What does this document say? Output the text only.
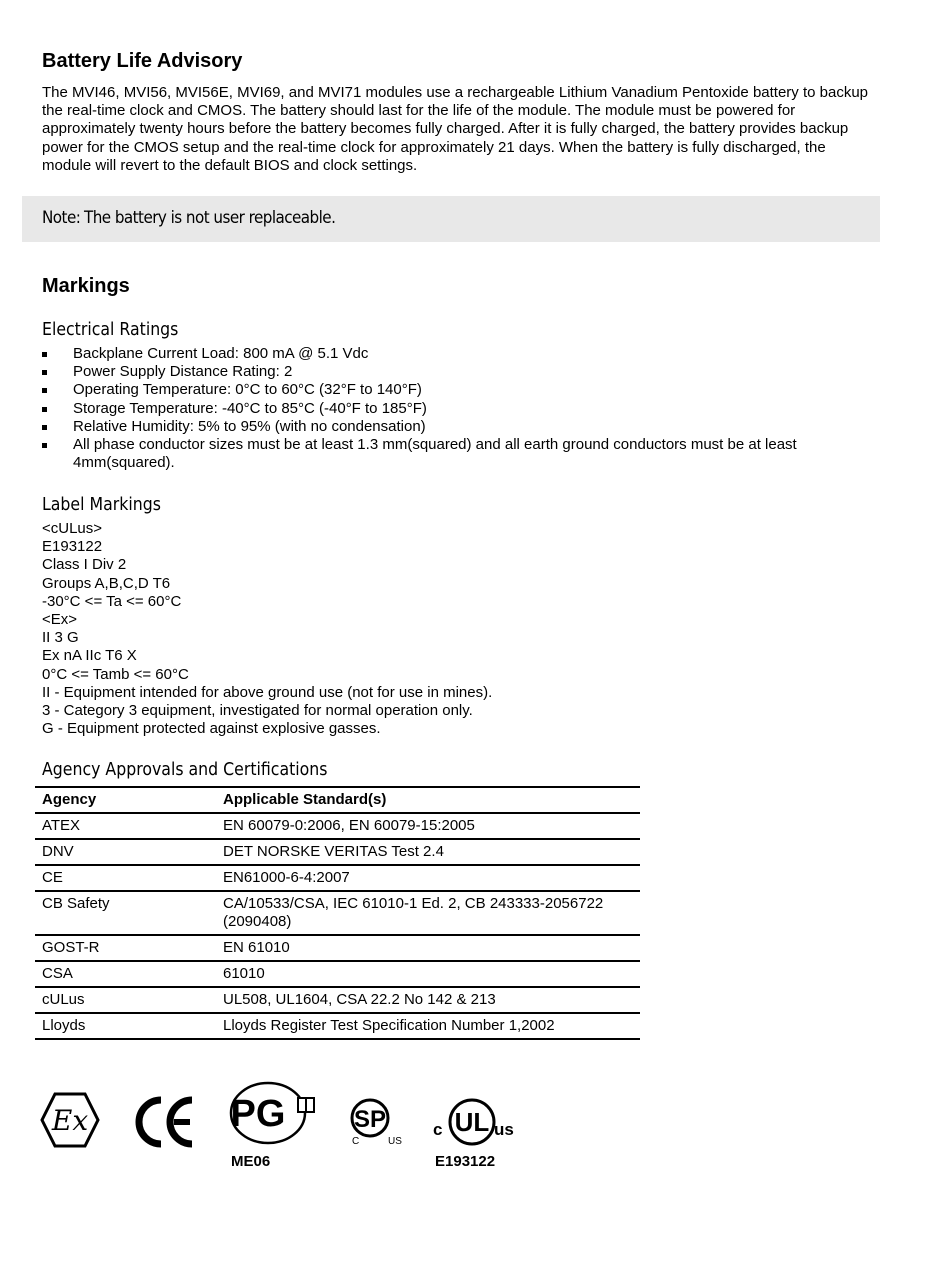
Battery Life Advisory

The MVI46, MVI56, MVI56E, MVI69, and MVI71 modules use a rechargeable Lithium Vanadium Pentoxide battery to backup the real-time clock and CMOS. The battery should last for the life of the module. The module must be powered for approximately twenty hours before the battery becomes fully charged. After it is fully charged, the battery provides backup power for the CMOS setup and the real-time clock for approximately 21 days. When the battery is fully discharged, the module will revert to the default BIOS and clock settings.

Note: The battery is not user replaceable.
Markings
Electrical Ratings
Backplane Current Load: 800 mA @ 5.1 Vdc
Power Supply Distance Rating: 2
Operating Temperature: 0°C to 60°C (32°F to 140°F)
Storage Temperature: -40°C to 85°C (-40°F to 185°F)
Relative Humidity: 5% to 95% (with no condensation)
All phase conductor sizes must be at least 1.3 mm(squared) and all earth ground conductors must be at least 4mm(squared).
Label Markings
<cULus>
E193122
Class I Div 2
Groups A,B,C,D T6
-30°C <= Ta <= 60°C
<Ex>
II 3 G
Ex nA IIc T6 X
0°C <= Tamb <= 60°C
II - Equipment intended for above ground use (not for use in mines).
3 - Category 3 equipment, investigated for normal operation only.
G - Equipment protected against explosive gasses.
Agency Approvals and Certifications
Agency	Applicable Standard(s)
ATEX	EN 60079-0:2006, EN 60079-15:2005
DNV	DET NORSKE VERITAS Test 2.4
CE	EN61000-6-4:2007
CB Safety	CA/10533/CSA, IEC 61010-1 Ed. 2, CB 243333-2056722 (2090408)
GOST-R	EN 61010
CSA	61010
cULus	UL508, UL1604, CSA 22.2 No 142 & 213
Lloyds	Lloyds Register Test Specification Number 1,2002
Ex	PG
ME06
SP
C	US
UL
c	us
E193122
